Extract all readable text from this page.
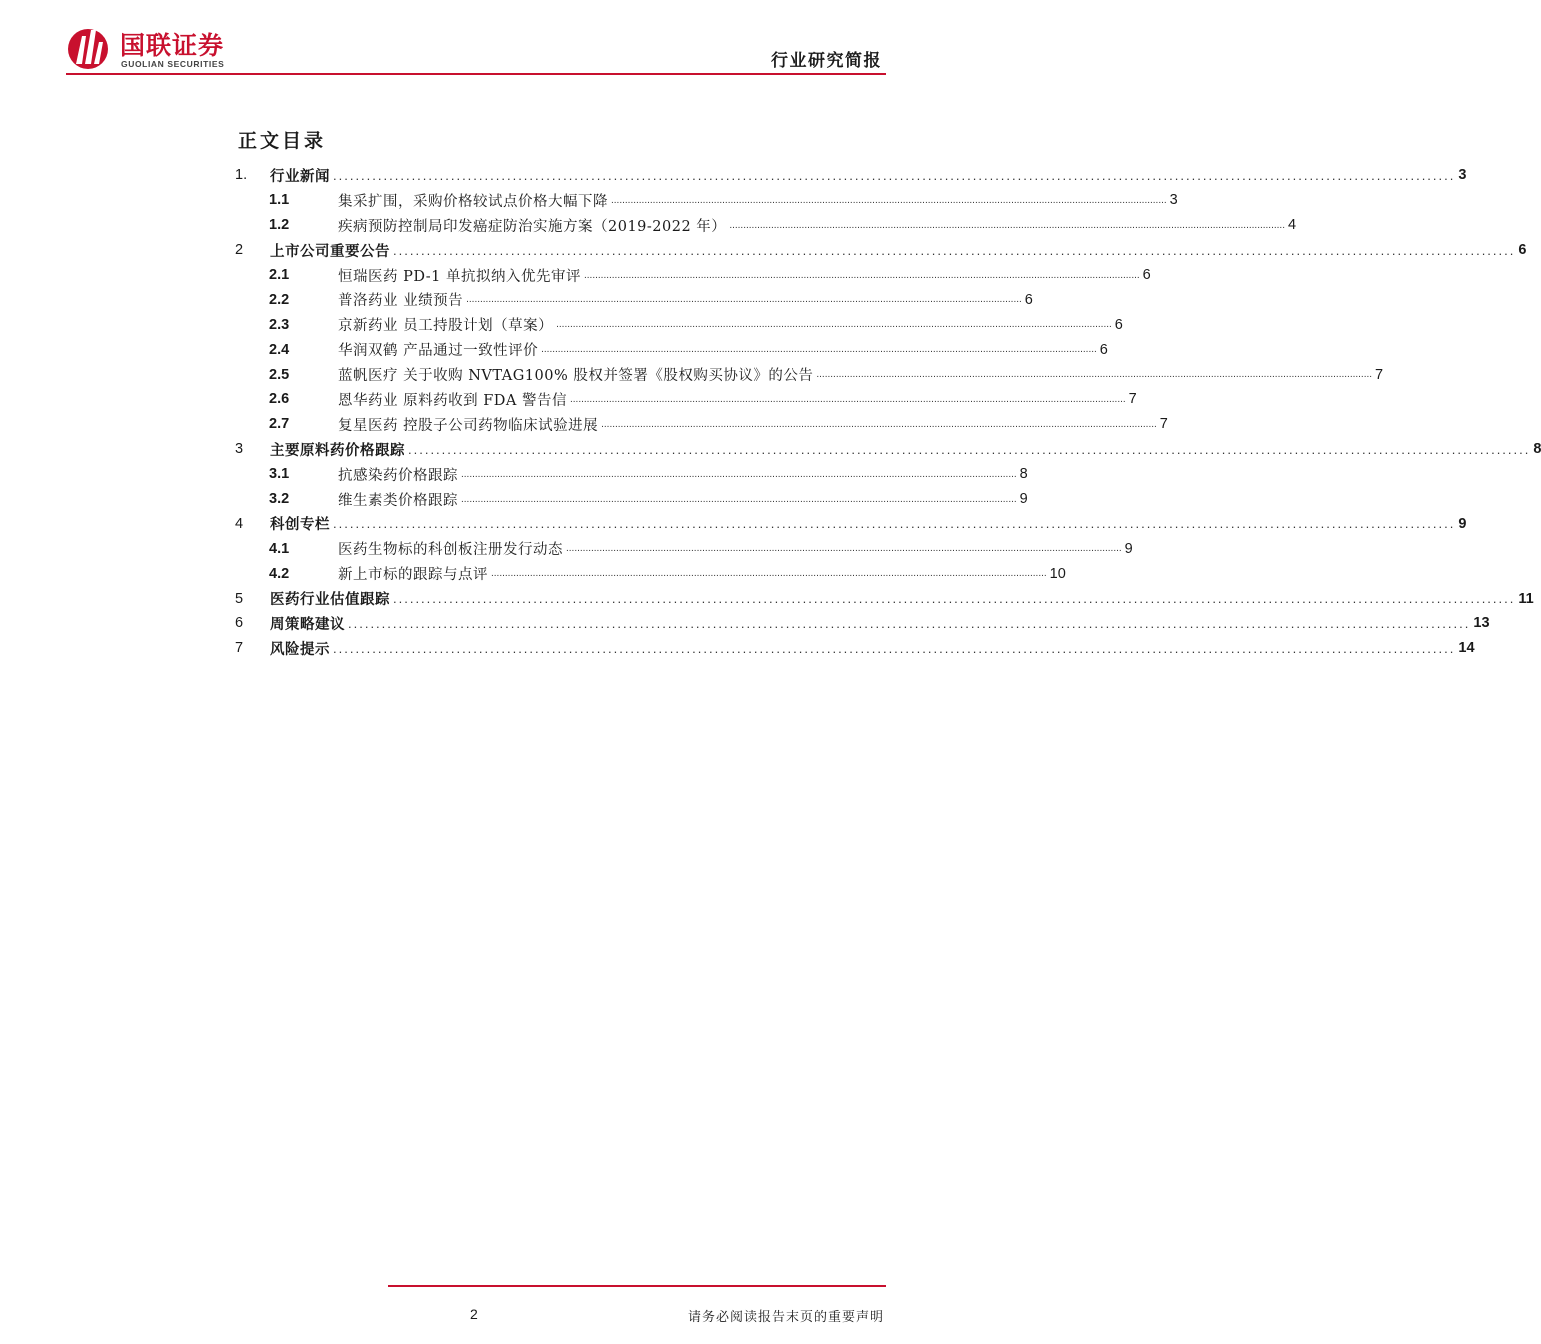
国联证券
GUOLIAN SECURITIES	行业研究简报
正文目录
1.	行业新闻 ........................................................................................................................................................................................................ 3
1.1	集采扩围，采购价格较试点价格大幅下降 ........................................................................................................................................................................................................ 3
1.2	疾病预防控制局印发癌症防治实施方案（2019-2022 年） ........................................................................................................................................................................................................ 4
2	上市公司重要公告 ........................................................................................................................................................................................................ 6
2.1	恒瑞医药 PD-1 单抗拟纳入优先审评 ........................................................................................................................................................................................................ 6
2.2	普洛药业 业绩预告 ........................................................................................................................................................................................................ 6
2.3	京新药业 员工持股计划（草案） ........................................................................................................................................................................................................ 6
2.4	华润双鹤 产品通过一致性评价 ........................................................................................................................................................................................................ 6
2.5	蓝帆医疗 关于收购 NVTAG100% 股权并签署《股权购买协议》的公告 ........................................................................................................................................................................................................ 7
2.6	恩华药业 原料药收到 FDA 警告信 ........................................................................................................................................................................................................ 7
2.7	复星医药 控股子公司药物临床试验进展 ........................................................................................................................................................................................................ 7
3	主要原料药价格跟踪 ........................................................................................................................................................................................................ 8
3.1	抗感染药价格跟踪 ........................................................................................................................................................................................................ 8
3.2	维生素类价格跟踪 ........................................................................................................................................................................................................ 9
4	科创专栏 ........................................................................................................................................................................................................ 9
4.1	医药生物标的科创板注册发行动态 ........................................................................................................................................................................................................ 9
4.2	新上市标的跟踪与点评 ........................................................................................................................................................................................................ 10
5	医药行业估值跟踪 ........................................................................................................................................................................................................ 11
6	周策略建议 ........................................................................................................................................................................................................ 13
7	风险提示 ........................................................................................................................................................................................................ 14
2	请务必阅读报告末页的重要声明
